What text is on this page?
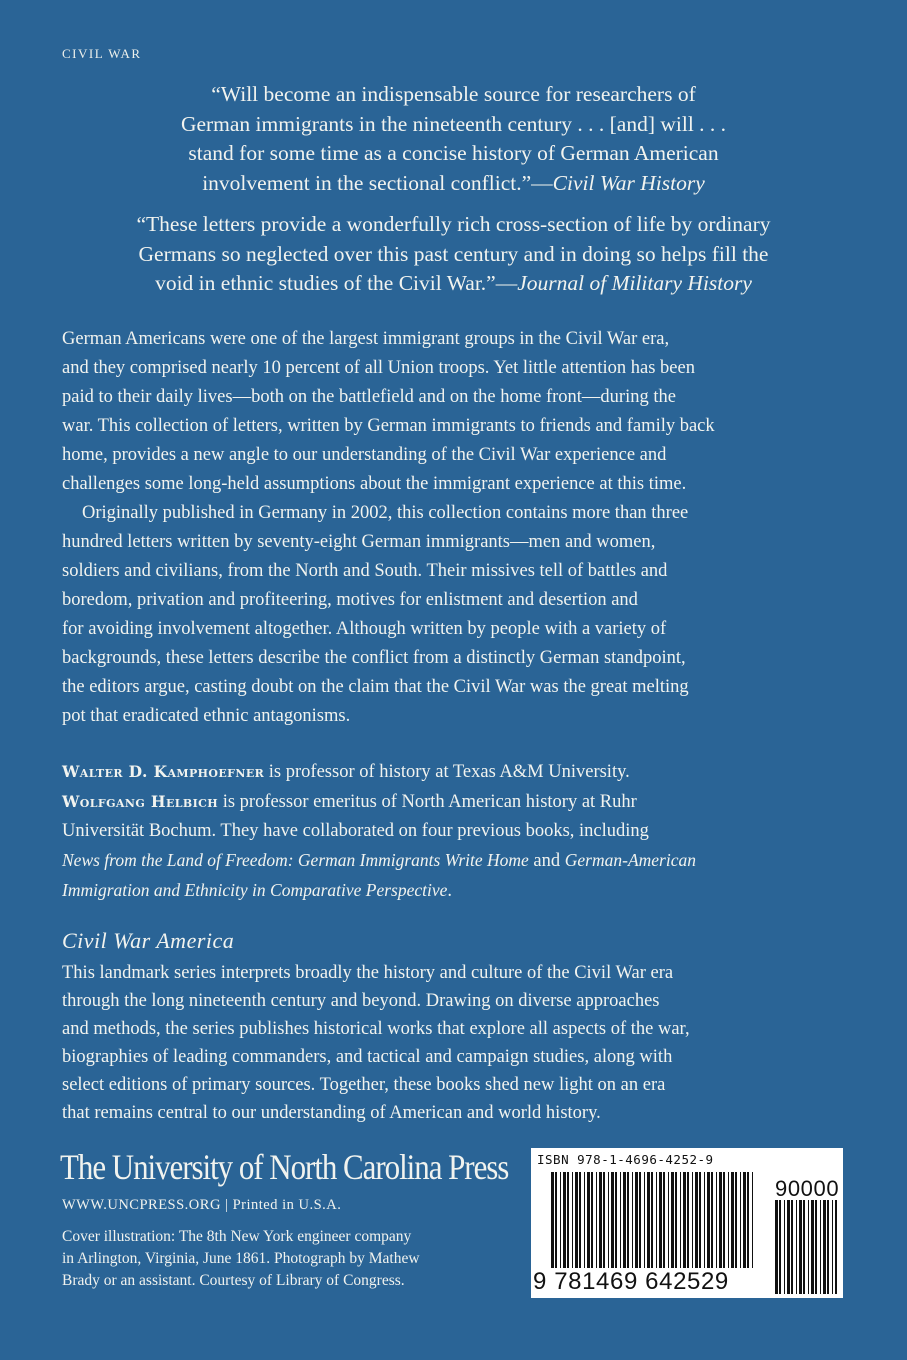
CIVIL WAR
“Will become an indispensable source for researchers of
German immigrants in the nineteenth century . . . [and] will . . .
stand for some time as a concise history of German American
involvement in the sectional conflict.”—Civil War History
“These letters provide a wonderfully rich cross-section of life by ordinary
Germans so neglected over this past century and in doing so helps fill the
void in ethnic studies of the Civil War.”—Journal of Military History

German Americans were one of the largest immigrant groups in the Civil War era,

and they comprised nearly 10 percent of all Union troops. Yet little attention has been

paid to their daily lives—both on the battlefield and on the home front—during the

war. This collection of letters, written by German immigrants to friends and family back

home, provides a new angle to our understanding of the Civil War experience and

challenges some long-held assumptions about the immigrant experience at this time.

Originally published in Germany in 2002, this collection contains more than three

hundred letters written by seventy-eight German immigrants—men and women,

soldiers and civilians, from the North and South. Their missives tell of battles and

boredom, privation and profiteering, motives for enlistment and desertion and

for avoiding involvement altogether. Although written by people with a variety of

backgrounds, these letters describe the conflict from a distinctly German standpoint,

the editors argue, casting doubt on the claim that the Civil War was the great melting

pot that eradicated ethnic antagonisms.

Walter D. Kamphoefner is professor of history at Texas A&M University.

Wolfgang Helbich is professor emeritus of North American history at Ruhr

Universität Bochum. They have collaborated on four previous books, including

News from the Land of Freedom: German Immigrants Write Home and German-American

Immigration and Ethnicity in Comparative Perspective.

Civil War America

This landmark series interprets broadly the history and culture of the Civil War era

through the long nineteenth century and beyond. Drawing on diverse approaches

and methods, the series publishes historical works that explore all aspects of the war,

biographies of leading commanders, and tactical and campaign studies, along with

select editions of primary sources. Together, these books shed new light on an era

that remains central to our understanding of American and world history.

The University of North Carolina Press
WWW.UNCPRESS.ORG | Printed in U.S.A.

Cover illustration: The 8th New York engineer company

in Arlington, Virginia, June 1861. Photograph by Mathew

Brady or an assistant. Courtesy of Library of Congress.

ISBN 978-1-4696-4252-9
9 781469 642529
90000
